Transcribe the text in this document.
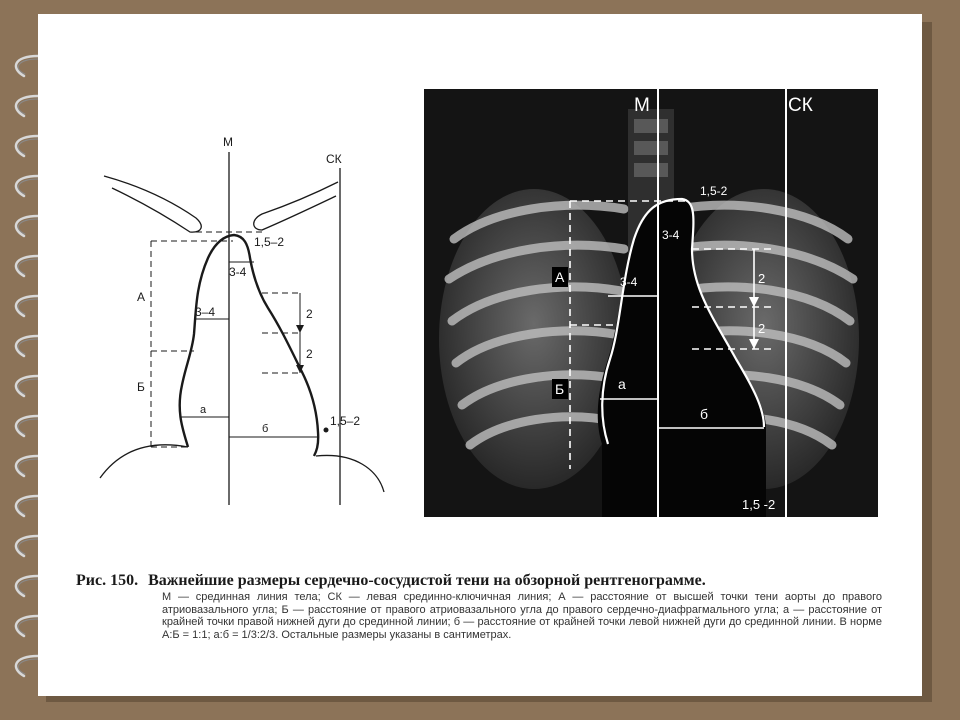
М
СК
А
Б
1,5–2
3-4
3–4	2
2
а
б
1,5–2
М	СК
1,5-2
3-4
3-4	2
2
а
б
1,5 -2
А
Б
Рис. 150. Важнейшие размеры сердечно-сосудистой тени на обзорной рентгенограмме.
М — срединная линия тела; СК — левая срединно-ключичная линия; А — расстояние от высшей точки тени аорты до правого атриовазального угла; Б — расстояние от правого атриовазального угла до правого сердечно-диафрагмального угла; а — расстояние от крайней точки правой нижней дуги до срединной линии; б — расстояние от крайней точки левой нижней дуги до срединной линии. В норме А:Б = 1:1; а:б = 1/3:2/3. Остальные размеры указаны в сантиметрах.
